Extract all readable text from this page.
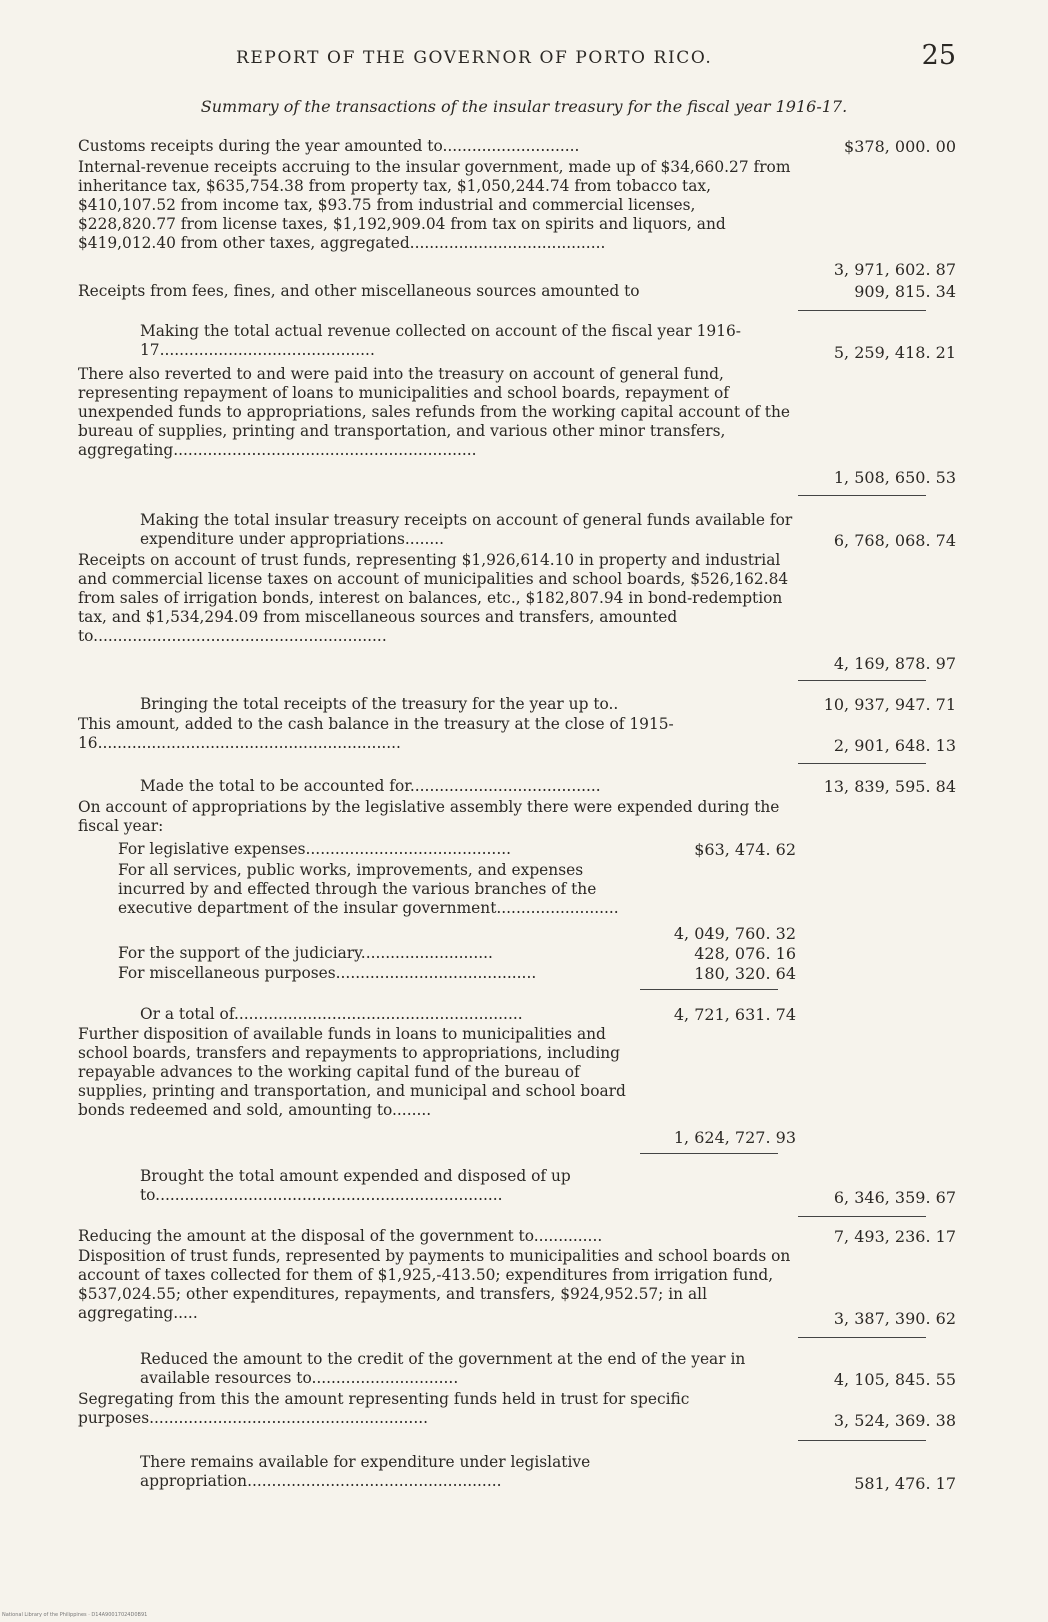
REPORT OF THE GOVERNOR OF PORTO RICO.	25
Summary of the transactions of the insular treasury for the fiscal year 1916-17.
Customs receipts during the year amounted to............................	$378, 000. 00
Internal-revenue receipts accruing to the insular government, made up of $34,660.27 from inheritance tax, $635,754.38 from property tax, $1,050,244.74 from tobacco tax, $410,107.52 from income tax, $93.75 from industrial and commercial licenses, $228,820.77 from license taxes, $1,192,909.04 from tax on spirits and liquors, and $419,012.40 from other taxes, aggregated........................................
3, 971, 602. 87
Receipts from fees, fines, and other miscellaneous sources amounted to	909, 815. 34
Making the total actual revenue collected on account of the fiscal year 1916-17............................................	5, 259, 418. 21
There also reverted to and were paid into the treasury on account of general fund, representing repayment of loans to municipalities and school boards, repayment of unexpended funds to appropriations, sales refunds from the working capital account of the bureau of supplies, printing and transportation, and various other minor transfers, aggregating..............................................................
1, 508, 650. 53
Making the total insular treasury receipts on account of general funds available for expenditure under appropriations........	6, 768, 068. 74
Receipts on account of trust funds, representing $1,926,614.10 in property and industrial and commercial license taxes on account of municipalities and school boards, $526,162.84 from sales of irrigation bonds, interest on balances, etc., $182,807.94 in bond-redemption tax, and $1,534,294.09 from miscellaneous sources and transfers, amounted to............................................................
4, 169, 878. 97
Bringing the total receipts of the treasury for the year up to..	10, 937, 947. 71
This amount, added to the cash balance in the treasury at the close of 1915-16..............................................................	2, 901, 648. 13
Made the total to be accounted for.......................................	13, 839, 595. 84
On account of appropriations by the legislative assembly there were expended during the fiscal year:
For legislative expenses..........................................	$63, 474. 62
For all services, public works, improvements, and expenses incurred by and effected through the various branches of the executive department of the insular government.........................
4, 049, 760. 32
For the support of the judiciary...........................	428, 076. 16
For miscellaneous purposes.........................................	180, 320. 64
Or a total of...........................................................	4, 721, 631. 74
Further disposition of available funds in loans to municipalities and school boards, transfers and repayments to appropriations, including repayable advances to the working capital fund of the bureau of supplies, printing and transportation, and municipal and school board bonds redeemed and sold, amounting to........
1, 624, 727. 93
Brought the total amount expended and disposed of up to.......................................................................	6, 346, 359. 67
Reducing the amount at the disposal of the government to..............	7, 493, 236. 17
Disposition of trust funds, represented by payments to municipalities and school boards on account of taxes collected for them of $1,925,-413.50; expenditures from irrigation fund, $537,024.55; other expenditures, repayments, and transfers, $924,952.57; in all aggregating.....	3, 387, 390. 62
Reduced the amount to the credit of the government at the end of the year in available resources to..............................	4, 105, 845. 55
Segregating from this the amount representing funds held in trust for specific purposes.........................................................	3, 524, 369. 38
There remains available for expenditure under legislative appropriation....................................................	581, 476. 17
National Library of the Philippines · D14A90017024D0B91
